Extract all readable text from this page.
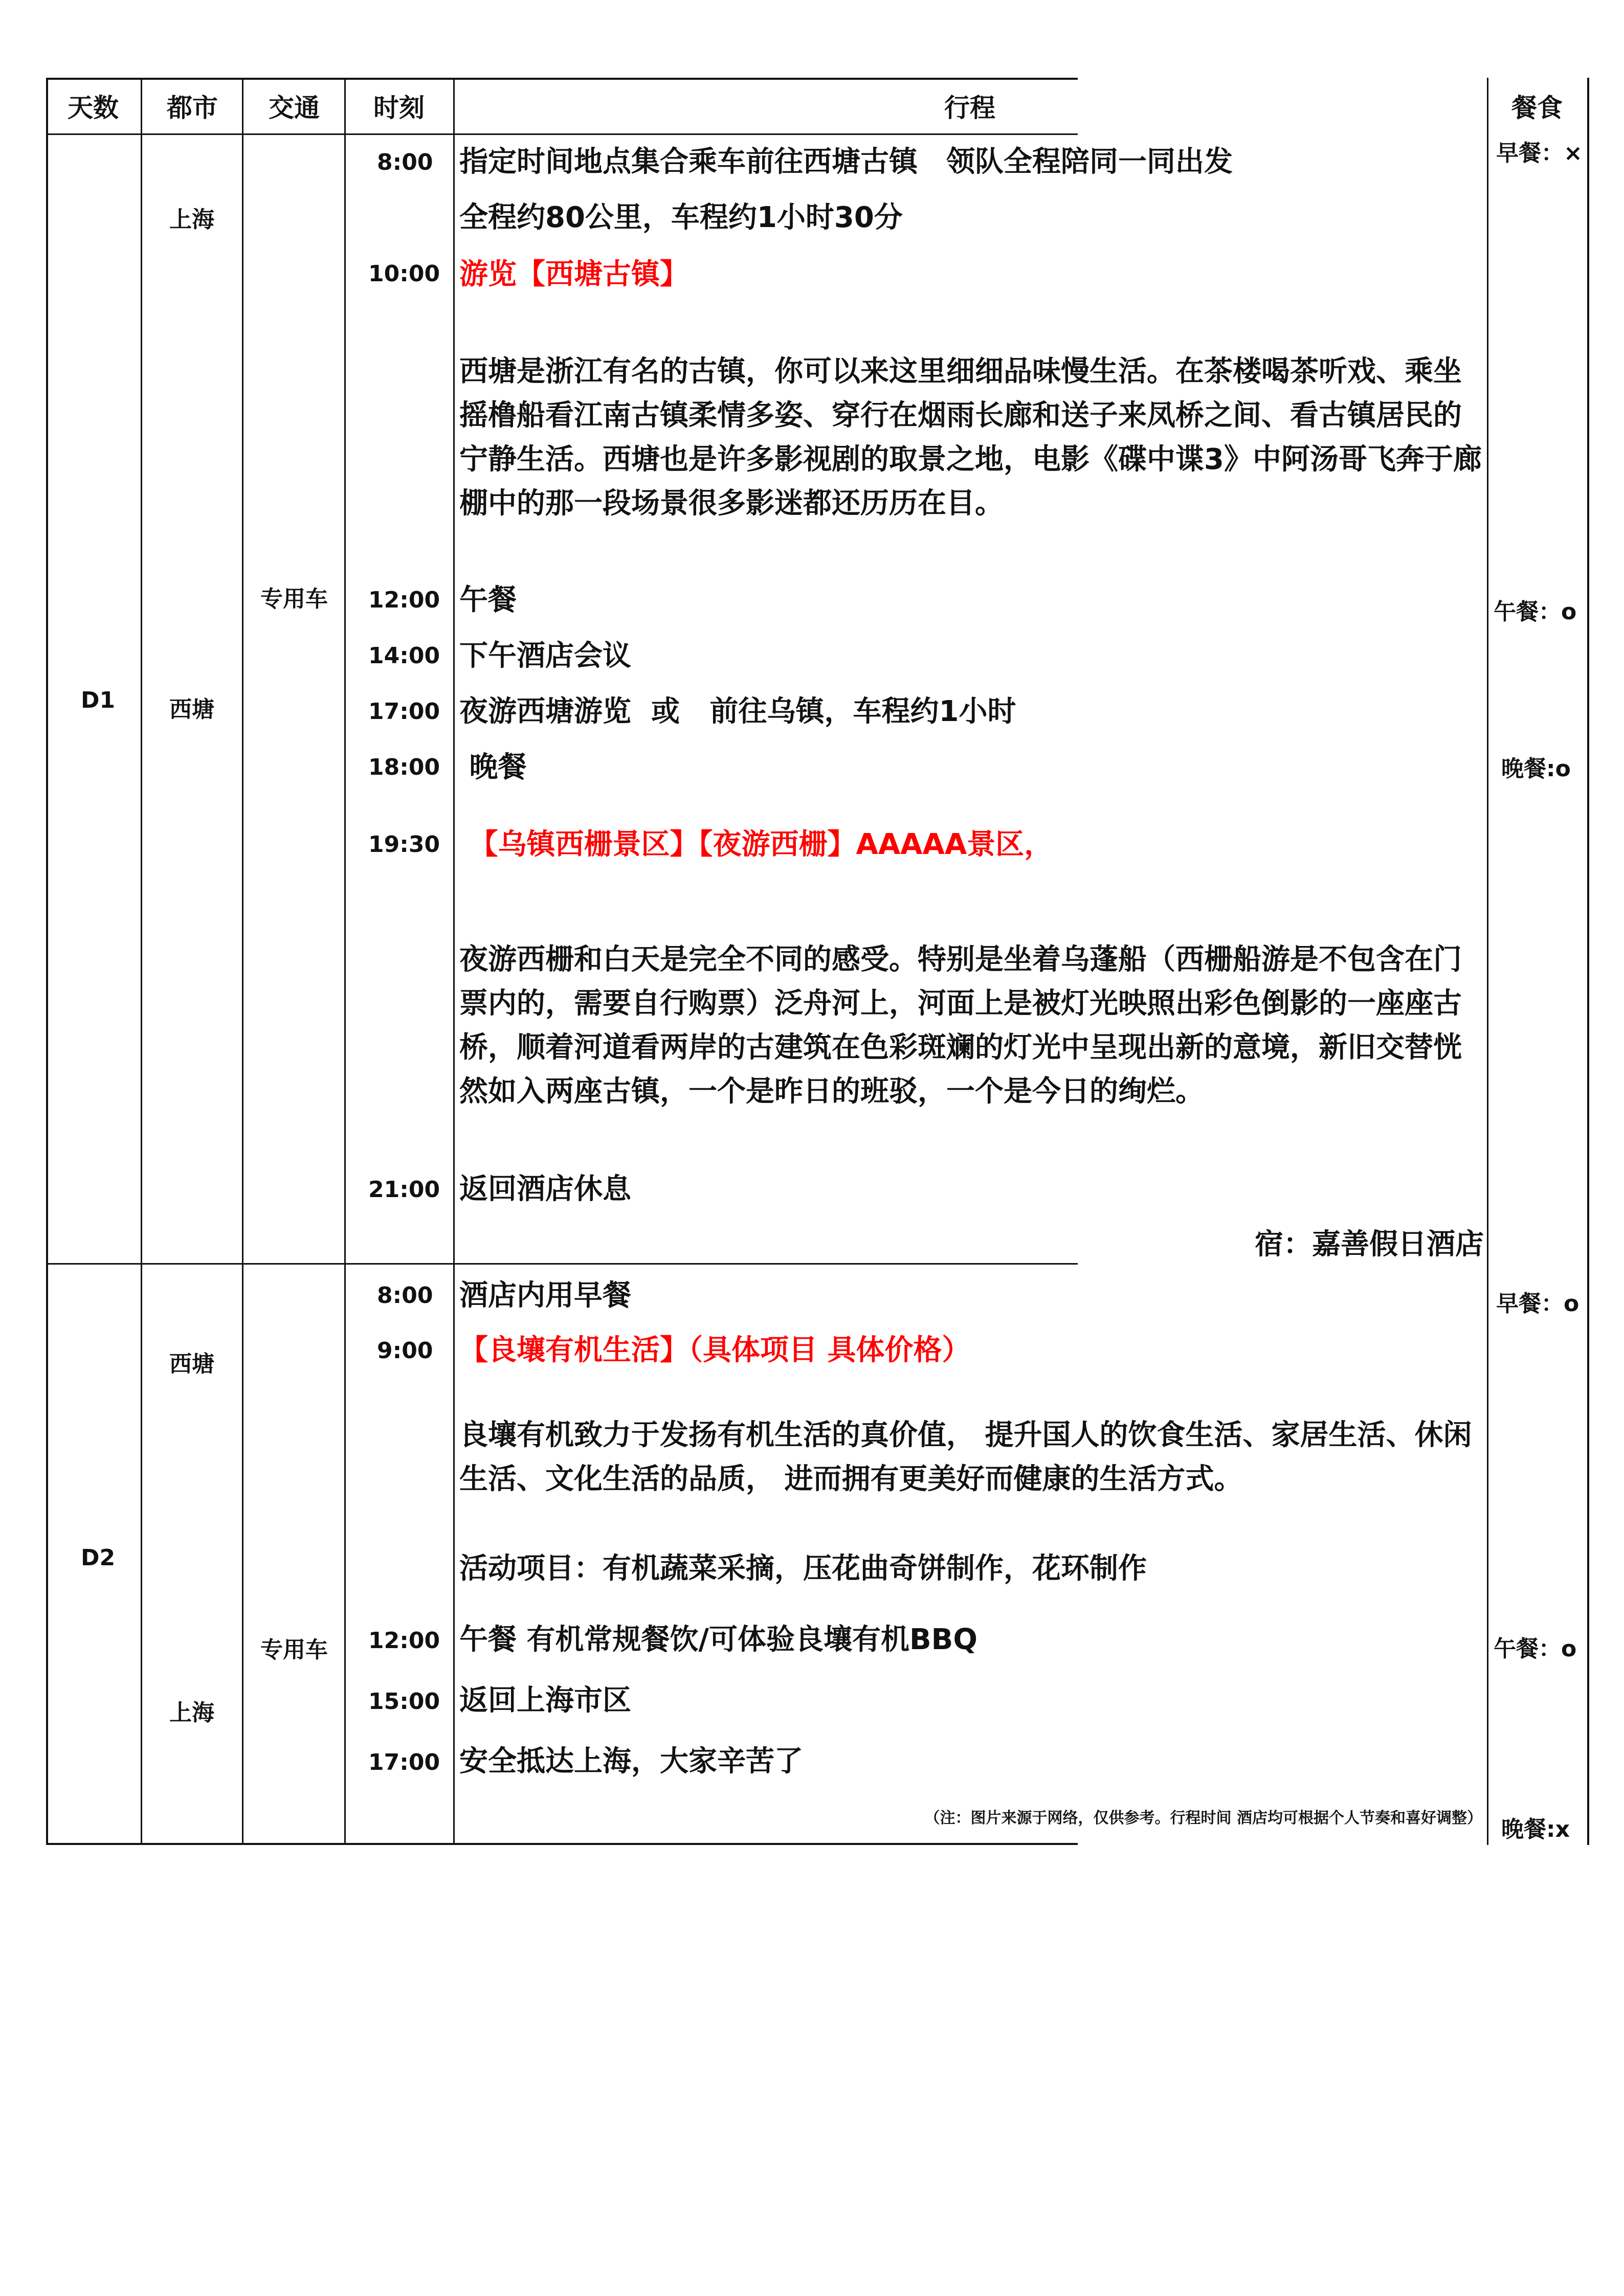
天数 都市 交通 时刻	行程	餐食
D1
上海
西塘
专用车
8:00 指定时间地点集合乘车前往西塘古镇　领队全程陪同一同出发
全程约80公里，车程约1小时30分
10:00 游览【西塘古镇】

西塘是浙江有名的古镇，你可以来这里细细品味慢生活。在茶楼喝茶听戏、乘坐摇橹船看江南古镇柔情多姿、穿行在烟雨长廊和送子来凤桥之间、看古镇居民的宁静生活。西塘也是许多影视剧的取景之地，电影《碟中谍3》中阿汤哥飞奔于廊棚中的那一段场景很多影迷都还历历在目。

12:00 午餐
14:00 下午酒店会议
17:00 夜游西塘游览  或   前往乌镇，车程约1小时
18:00 晚餐
19:30 【乌镇西栅景区】【夜游西栅】AAAAA景区，

夜游西栅和白天是完全不同的感受。特别是坐着乌蓬船（西栅船游是不包含在门票内的，需要自行购票）泛舟河上，河面上是被灯光映照出彩色倒影的一座座古桥，顺着河道看两岸的古建筑在色彩斑斓的灯光中呈现出新的意境，新旧交替恍然如入两座古镇，一个是昨日的班驳，一个是今日的绚烂。

21:00 返回酒店休息
宿：嘉善假日酒店
早餐：×
午餐：o
晚餐:o
D2
西塘
上海
专用车
8:00 酒店内用早餐
9:00 【良壤有机生活】（具体项目 具体价格）

良壤有机致力于发扬有机生活的真价值， 提升国人的饮食生活、家居生活、休闲生活、文化生活的品质， 进而拥有更美好而健康的生活方式。

活动项目：有机蔬菜采摘，压花曲奇饼制作，花环制作
12:00 午餐 有机常规餐饮/可体验良壤有机BBQ
15:00 返回上海市区
17:00 安全抵达上海，大家辛苦了
（注：图片来源于网络，仅供参考。行程时间 酒店均可根据个人节奏和喜好调整）
早餐：o
午餐：o
晚餐:x
